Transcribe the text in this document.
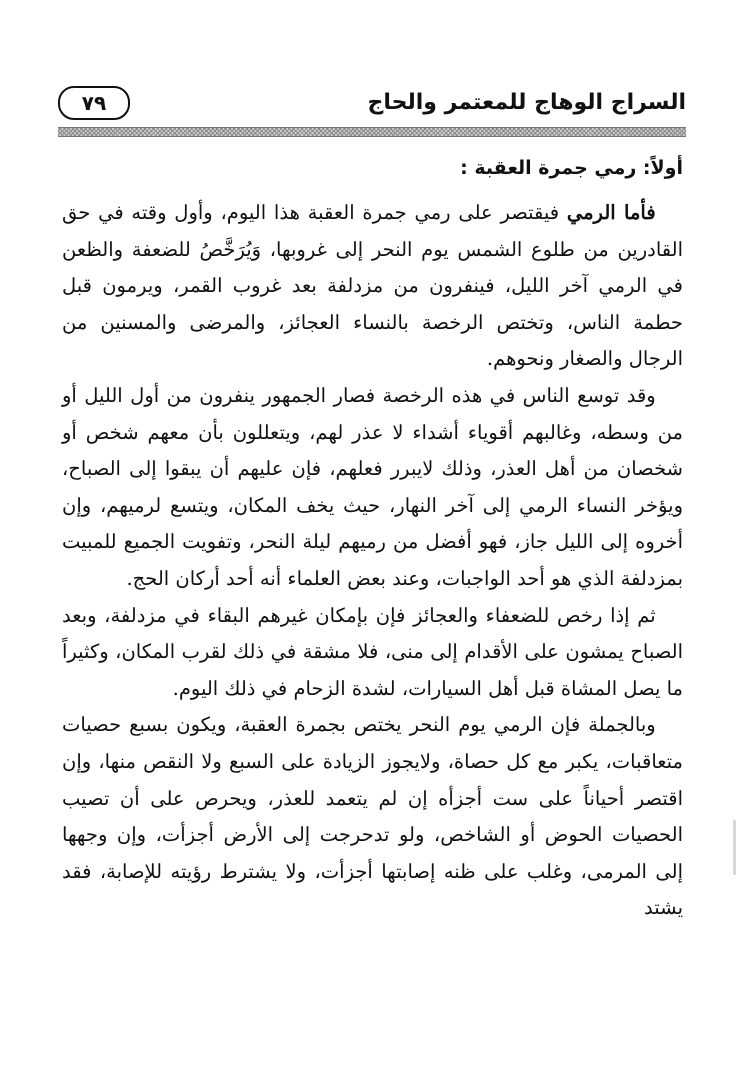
السراج الوهاج للمعتمر والحاج
٧٩
أولاً: رمي جمرة العقبة :

فأما الرمي فيقتصر على رمي جمرة العقبة هذا اليوم، وأول وقته في حق القادرين من طلوع الشمس يوم النحر إلى غروبها، وَيُرَخَّصُ للضعفة والظعن في الرمي آخر الليل، فينفرون من مزدلفة بعد غروب القمر، ويرمون قبل حطمة الناس، وتختص الرخصة بالنساء العجائز، والمرضى والمسنين من الرجال والصغار ونحوهم.

وقد توسع الناس في هذه الرخصة فصار الجمهور ينفرون من أول الليل أو من وسطه، وغالبهم أقوياء أشداء لا عذر لهم، ويتعللون بأن معهم شخص أو شخصان من أهل العذر، وذلك لايبرر فعلهم، فإن عليهم أن يبقوا إلى الصباح، ويؤخر النساء الرمي إلى آخر النهار، حيث يخف المكان، ويتسع لرميهم، وإن أخروه إلى الليل جاز، فهو أفضل من رميهم ليلة النحر، وتفويت الجميع للمبيت بمزدلفة الذي هو أحد الواجبات، وعند بعض العلماء أنه أحد أركان الحج.

ثم إذا رخص للضعفاء والعجائز فإن بإمكان غيرهم البقاء في مزدلفة، وبعد الصباح يمشون على الأقدام إلى منى، فلا مشقة في ذلك لقرب المكان، وكثيراً ما يصل المشاة قبل أهل السيارات، لشدة الزحام في ذلك اليوم.

وبالجملة فإن الرمي يوم النحر يختص بجمرة العقبة، ويكون بسبع حصيات متعاقبات، يكبر مع كل حصاة، ولايجوز الزيادة على السبع ولا النقص منها، وإن اقتصر أحياناً على ست أجزأه إن لم يتعمد للعذر، ويحرص على أن تصيب الحصيات الحوض أو الشاخص، ولو تدحرجت إلى الأرض أجزأت، وإن وجهها إلى المرمى، وغلب على ظنه إصابتها أجزأت، ولا يشترط رؤيته للإصابة، فقد يشتد
